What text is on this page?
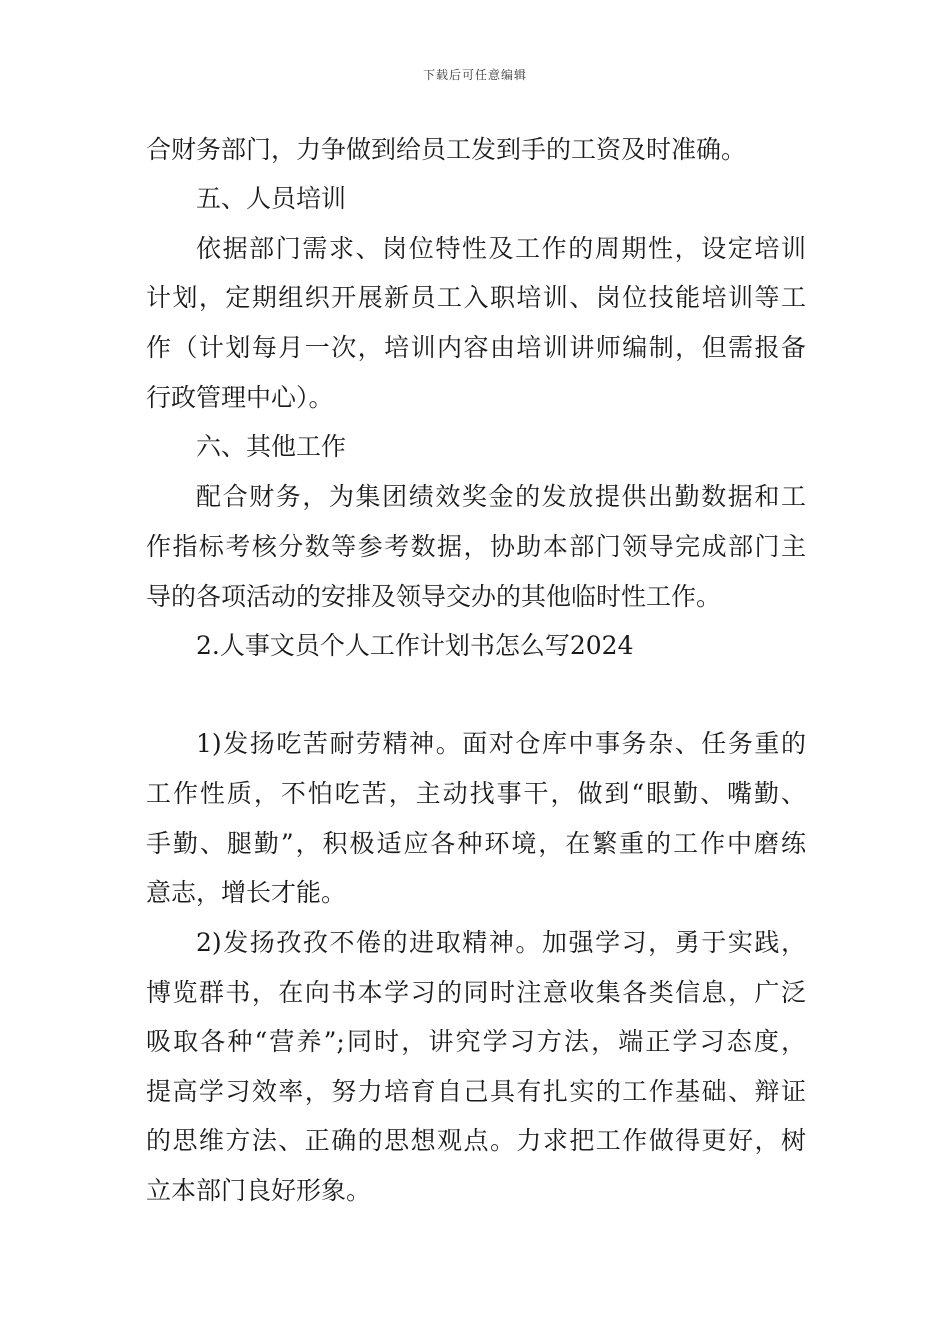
下载后可任意编辑
合财务部门，力争做到给员工发到手的工资及时准确。
五、人员培训
依据部门需求、岗位特性及工作的周期性，设定培训
计划，定期组织开展新员工入职培训、岗位技能培训等工
作（计划每月一次，培训内容由培训讲师编制，但需报备
行政管理中心）。
六、其他工作
配合财务，为集团绩效奖金的发放提供出勤数据和工
作指标考核分数等参考数据，协助本部门领导完成部门主
导的各项活动的安排及领导交办的其他临时性工作。
2.人事文员个人工作计划书怎么写2024
1)发扬吃苦耐劳精神。面对仓库中事务杂、任务重的
工作性质，不怕吃苦，主动找事干，做到“眼勤、嘴勤、
手勤、腿勤”，积极适应各种环境，在繁重的工作中磨练
意志，增长才能。
2)发扬孜孜不倦的进取精神。加强学习，勇于实践，
博览群书，在向书本学习的同时注意收集各类信息，广泛
吸取各种“营养”;同时，讲究学习方法，端正学习态度，
提高学习效率，努力培育自己具有扎实的工作基础、辩证
的思维方法、正确的思想观点。力求把工作做得更好，树
立本部门良好形象。
